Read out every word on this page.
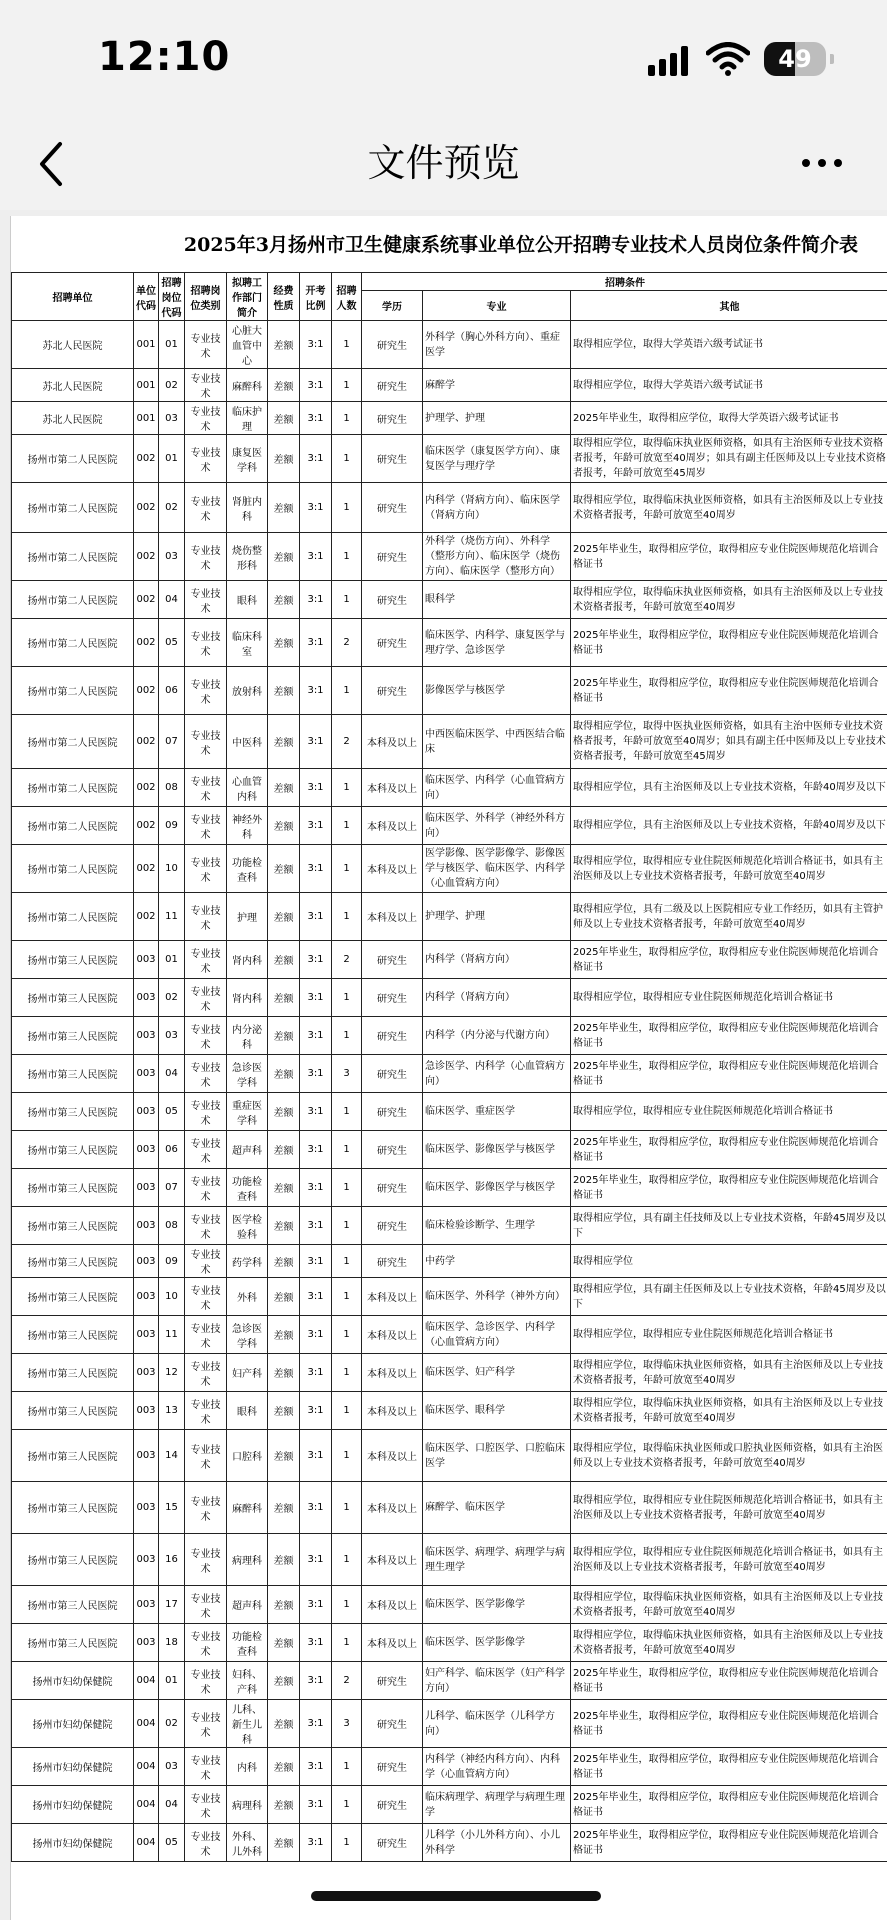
12:10	49
文件预览
2025年3月扬州市卫生健康系统事业单位公开招聘专业技术人员岗位条件简介表
招聘单位	单位代码	招聘岗位代码	招聘岗位类别	拟聘工作部门简介	经费性质	开考比例	招聘人数	招聘条件		
								学历	专业	其他
苏北人民医院	001	01	专业技术	心脏大血管中心	差额	3:1	1	研究生	外科学（胸心外科方向）、重症医学	取得相应学位，取得大学英语六级考试证书
苏北人民医院	001	02	专业技术	麻醉科	差额	3:1	1	研究生	麻醉学	取得相应学位，取得大学英语六级考试证书
苏北人民医院	001	03	专业技术	临床护理	差额	3:1	1	研究生	护理学、护理	2025年毕业生，取得相应学位，取得大学英语六级考试证书
扬州市第二人民医院	002	01	专业技术	康复医学科	差额	3:1	1	研究生	临床医学（康复医学方向）、康复医学与理疗学	取得相应学位，取得临床执业医师资格，如具有主治医师专业技术资格者报考，年龄可放宽至40周岁；如具有副主任医师及以上专业技术资格者报考，年龄可放宽至45周岁
扬州市第二人民医院	002	02	专业技术	肾脏内科	差额	3:1	1	研究生	内科学（肾病方向）、临床医学（肾病方向）	取得相应学位，取得临床执业医师资格，如具有主治医师及以上专业技术资格者报考，年龄可放宽至40周岁
扬州市第二人民医院	002	03	专业技术	烧伤整形科	差额	3:1	1	研究生	外科学（烧伤方向）、外科学（整形方向）、临床医学（烧伤方向）、临床医学（整形方向）	2025年毕业生，取得相应学位，取得相应专业住院医师规范化培训合格证书
扬州市第二人民医院	002	04	专业技术	眼科	差额	3:1	1	研究生	眼科学	取得相应学位，取得临床执业医师资格，如具有主治医师及以上专业技术资格者报考，年龄可放宽至40周岁
扬州市第二人民医院	002	05	专业技术	临床科室	差额	3:1	2	研究生	临床医学、内科学、康复医学与理疗学、急诊医学	2025年毕业生，取得相应学位，取得相应专业住院医师规范化培训合格证书
扬州市第二人民医院	002	06	专业技术	放射科	差额	3:1	1	研究生	影像医学与核医学	2025年毕业生，取得相应学位，取得相应专业住院医师规范化培训合格证书
扬州市第二人民医院	002	07	专业技术	中医科	差额	3:1	2	本科及以上	中西医临床医学、中西医结合临床	取得相应学位，取得中医执业医师资格，如具有主治中医师专业技术资格者报考，年龄可放宽至40周岁；如具有副主任中医师及以上专业技术资格者报考，年龄可放宽至45周岁
扬州市第二人民医院	002	08	专业技术	心血管内科	差额	3:1	1	本科及以上	临床医学、内科学（心血管病方向）	取得相应学位，具有主治医师及以上专业技术资格，年龄40周岁及以下
扬州市第二人民医院	002	09	专业技术	神经外科	差额	3:1	1	本科及以上	临床医学、外科学（神经外科方向）	取得相应学位，具有主治医师及以上专业技术资格，年龄40周岁及以下
扬州市第二人民医院	002	10	专业技术	功能检查科	差额	3:1	1	本科及以上	医学影像、医学影像学、影像医学与核医学、临床医学、内科学（心血管病方向）	取得相应学位，取得相应专业住院医师规范化培训合格证书，如具有主治医师及以上专业技术资格者报考，年龄可放宽至40周岁
扬州市第二人民医院	002	11	专业技术	护理	差额	3:1	1	本科及以上	护理学、护理	取得相应学位，具有二级及以上医院相应专业工作经历，如具有主管护师及以上专业技术资格者报考，年龄可放宽至40周岁
扬州市第三人民医院	003	01	专业技术	肾内科	差额	3:1	2	研究生	内科学（肾病方向）	2025年毕业生，取得相应学位，取得相应专业住院医师规范化培训合格证书
扬州市第三人民医院	003	02	专业技术	肾内科	差额	3:1	1	研究生	内科学（肾病方向）	取得相应学位，取得相应专业住院医师规范化培训合格证书
扬州市第三人民医院	003	03	专业技术	内分泌科	差额	3:1	1	研究生	内科学（内分泌与代谢方向）	2025年毕业生，取得相应学位，取得相应专业住院医师规范化培训合格证书
扬州市第三人民医院	003	04	专业技术	急诊医学科	差额	3:1	3	研究生	急诊医学、内科学（心血管病方向）	2025年毕业生，取得相应学位，取得相应专业住院医师规范化培训合格证书
扬州市第三人民医院	003	05	专业技术	重症医学科	差额	3:1	1	研究生	临床医学、重症医学	取得相应学位，取得相应专业住院医师规范化培训合格证书
扬州市第三人民医院	003	06	专业技术	超声科	差额	3:1	1	研究生	临床医学、影像医学与核医学	2025年毕业生，取得相应学位，取得相应专业住院医师规范化培训合格证书
扬州市第三人民医院	003	07	专业技术	功能检查科	差额	3:1	1	研究生	临床医学、影像医学与核医学	2025年毕业生，取得相应学位，取得相应专业住院医师规范化培训合格证书
扬州市第三人民医院	003	08	专业技术	医学检验科	差额	3:1	1	研究生	临床检验诊断学、生理学	取得相应学位，具有副主任技师及以上专业技术资格，年龄45周岁及以下
扬州市第三人民医院	003	09	专业技术	药学科	差额	3:1	1	研究生	中药学	取得相应学位
扬州市第三人民医院	003	10	专业技术	外科	差额	3:1	1	本科及以上	临床医学、外科学（神外方向）	取得相应学位，具有副主任医师及以上专业技术资格，年龄45周岁及以下
扬州市第三人民医院	003	11	专业技术	急诊医学科	差额	3:1	1	本科及以上	临床医学、急诊医学、内科学（心血管病方向）	取得相应学位，取得相应专业住院医师规范化培训合格证书
扬州市第三人民医院	003	12	专业技术	妇产科	差额	3:1	1	本科及以上	临床医学、妇产科学	取得相应学位，取得临床执业医师资格，如具有主治医师及以上专业技术资格者报考，年龄可放宽至40周岁
扬州市第三人民医院	003	13	专业技术	眼科	差额	3:1	1	本科及以上	临床医学、眼科学	取得相应学位，取得临床执业医师资格，如具有主治医师及以上专业技术资格者报考，年龄可放宽至40周岁
扬州市第三人民医院	003	14	专业技术	口腔科	差额	3:1	1	本科及以上	临床医学、口腔医学、口腔临床医学	取得相应学位，取得临床执业医师或口腔执业医师资格，如具有主治医师及以上专业技术资格者报考，年龄可放宽至40周岁
扬州市第三人民医院	003	15	专业技术	麻醉科	差额	3:1	1	本科及以上	麻醉学、临床医学	取得相应学位，取得相应专业住院医师规范化培训合格证书，如具有主治医师及以上专业技术资格者报考，年龄可放宽至40周岁
扬州市第三人民医院	003	16	专业技术	病理科	差额	3:1	1	本科及以上	临床医学、病理学、病理学与病理生理学	取得相应学位，取得相应专业住院医师规范化培训合格证书，如具有主治医师及以上专业技术资格者报考，年龄可放宽至40周岁
扬州市第三人民医院	003	17	专业技术	超声科	差额	3:1	1	本科及以上	临床医学、医学影像学	取得相应学位，取得临床执业医师资格，如具有主治医师及以上专业技术资格者报考，年龄可放宽至40周岁
扬州市第三人民医院	003	18	专业技术	功能检查科	差额	3:1	1	本科及以上	临床医学、医学影像学	取得相应学位，取得临床执业医师资格，如具有主治医师及以上专业技术资格者报考，年龄可放宽至40周岁
扬州市妇幼保健院	004	01	专业技术	妇科、产科	差额	3:1	2	研究生	妇产科学、临床医学（妇产科学方向）	2025年毕业生，取得相应学位，取得相应专业住院医师规范化培训合格证书
扬州市妇幼保健院	004	02	专业技术	儿科、新生儿科	差额	3:1	3	研究生	儿科学、临床医学（儿科学方向）	2025年毕业生，取得相应学位，取得相应专业住院医师规范化培训合格证书
扬州市妇幼保健院	004	03	专业技术	内科	差额	3:1	1	研究生	内科学（神经内科方向）、内科学（心血管病方向）	2025年毕业生，取得相应学位，取得相应专业住院医师规范化培训合格证书
扬州市妇幼保健院	004	04	专业技术	病理科	差额	3:1	1	研究生	临床病理学、病理学与病理生理学	2025年毕业生，取得相应学位，取得相应专业住院医师规范化培训合格证书
扬州市妇幼保健院	004	05	专业技术	外科、儿外科	差额	3:1	1	研究生	儿科学（小儿外科方向）、小儿外科学	2025年毕业生，取得相应学位，取得相应专业住院医师规范化培训合格证书
